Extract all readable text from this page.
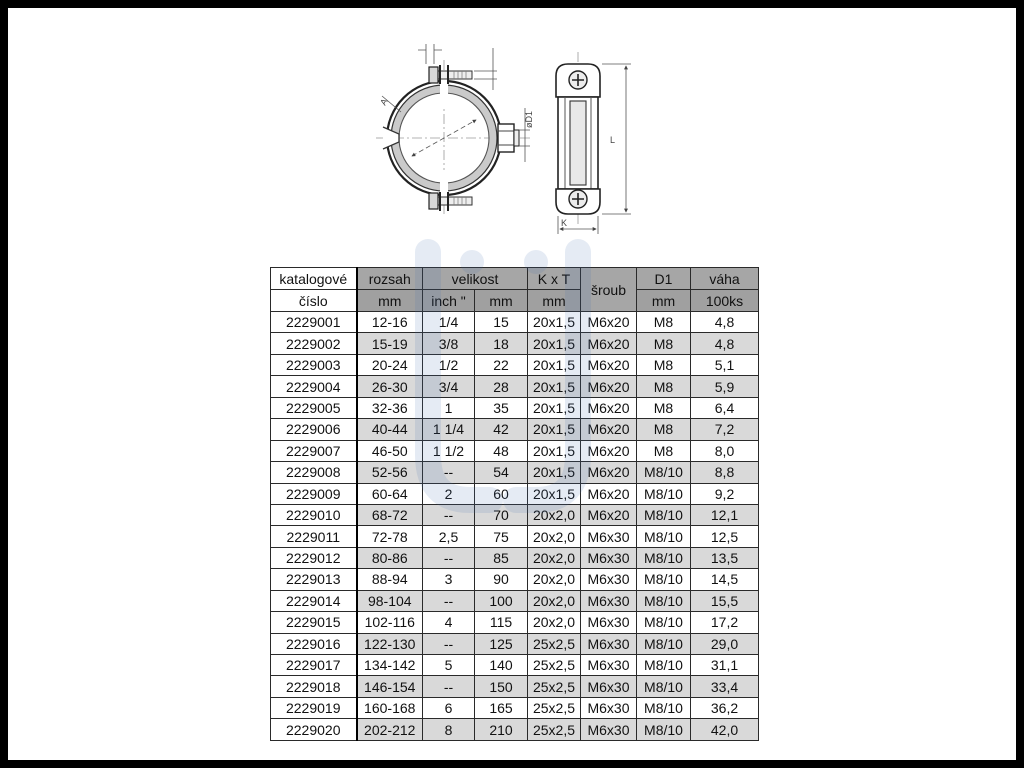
A
øD1
L
K
katalogové	rozsah	velikost		K x T	šroub	D1	váha
číslo	mm	inch "	mm	mm		mm	100ks
2229001	12-16	1/4	15	20x1,5	M6x20	M8	4,8
2229002	15-19	3/8	18	20x1,5	M6x20	M8	4,8
2229003	20-24	1/2	22	20x1,5	M6x20	M8	5,1
2229004	26-30	3/4	28	20x1,5	M6x20	M8	5,9
2229005	32-36	1	35	20x1,5	M6x20	M8	6,4
2229006	40-44	1 1/4	42	20x1,5	M6x20	M8	7,2
2229007	46-50	1 1/2	48	20x1,5	M6x20	M8	8,0
2229008	52-56	--	54	20x1,5	M6x20	M8/10	8,8
2229009	60-64	2	60	20x1,5	M6x20	M8/10	9,2
2229010	68-72	--	70	20x2,0	M6x20	M8/10	12,1
2229011	72-78	2,5	75	20x2,0	M6x30	M8/10	12,5
2229012	80-86	--	85	20x2,0	M6x30	M8/10	13,5
2229013	88-94	3	90	20x2,0	M6x30	M8/10	14,5
2229014	98-104	--	100	20x2,0	M6x30	M8/10	15,5
2229015	102-116	4	115	20x2,0	M6x30	M8/10	17,2
2229016	122-130	--	125	25x2,5	M6x30	M8/10	29,0
2229017	134-142	5	140	25x2,5	M6x30	M8/10	31,1
2229018	146-154	--	150	25x2,5	M6x30	M8/10	33,4
2229019	160-168	6	165	25x2,5	M6x30	M8/10	36,2
2229020	202-212	8	210	25x2,5	M6x30	M8/10	42,0
